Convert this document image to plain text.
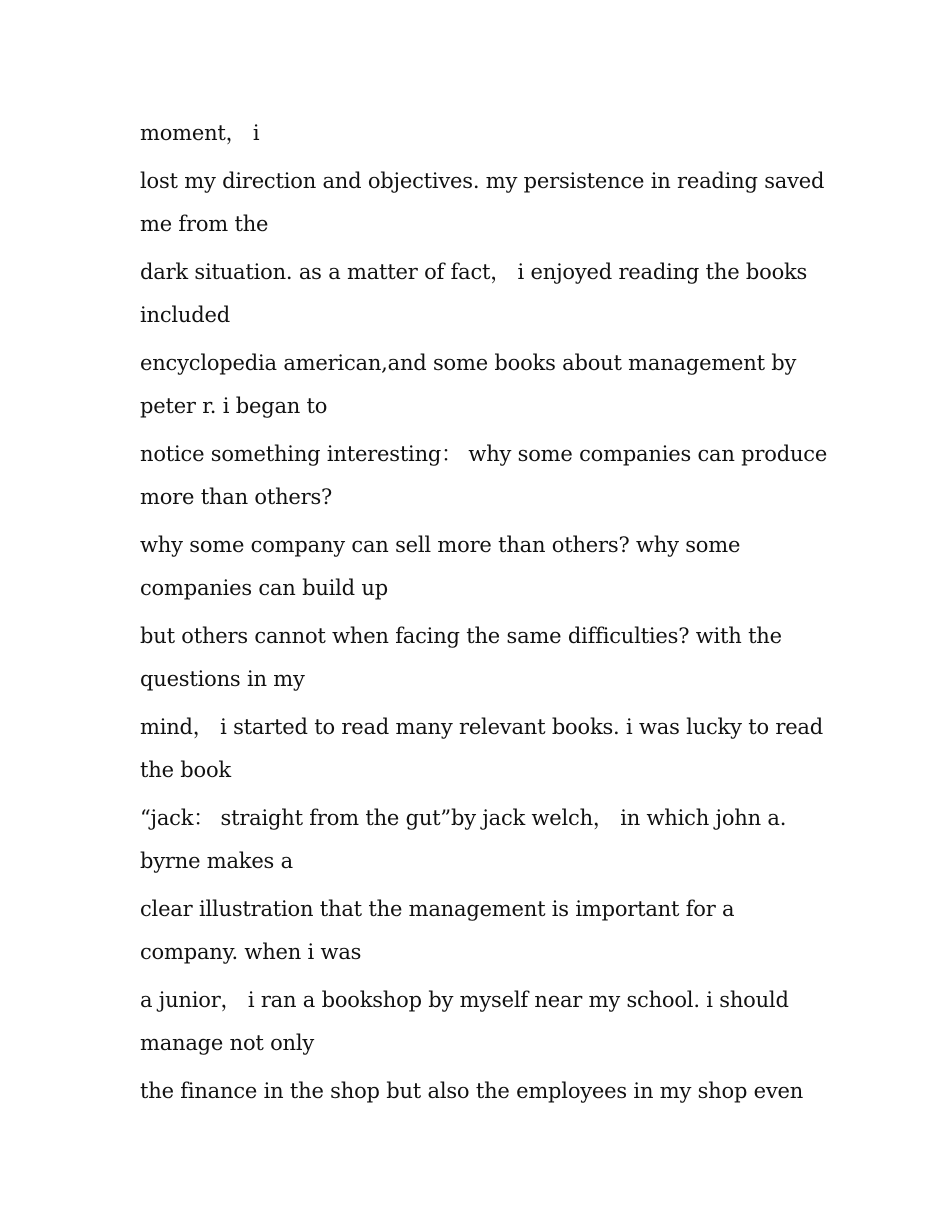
moment， i

lost my direction and objectives. my persistence in reading saved
me from the

dark situation. as a matter of fact， i enjoyed reading the books
included

encyclopedia american,and some books about management by
peter r. i began to

notice something interesting： why some companies can produce
more than others?

why some company can sell more than others? why some
companies can build up

but others cannot when facing the same difficulties? with the
questions in my

mind， i started to read many relevant books. i was lucky to read
the book

“jack： straight from the gut”by jack welch， in which john a.
byrne makes a

clear illustration that the management is important for a
company. when i was

a junior， i ran a bookshop by myself near my school. i should
manage not only

the finance in the shop but also the employees in my shop even
